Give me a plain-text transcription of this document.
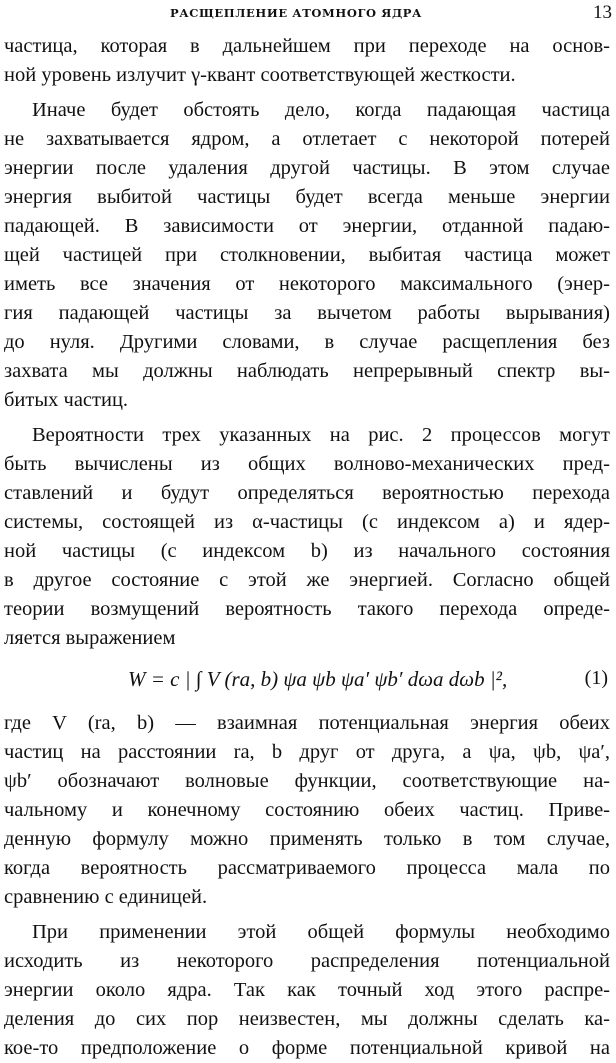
РАСЩЕПЛЕНИЕ АТОМНОГО ЯДРА	13
частица, которая в дальнейшем при переходе на основ-
ной уровень излучит γ-квант соответствующей жесткости.
Иначе будет обстоять дело, когда падающая частица
не захватывается ядром, а отлетает с некоторой потерей
энергии после удаления другой частицы. В этом случае
энергия выбитой частицы будет всегда меньше энергии
падающей. В зависимости от энергии, отданной падаю-
щей частицей при столкновении, выбитая частица может
иметь все значения от некоторого максимального (энер-
гия падающей частицы за вычетом работы вырывания)
до нуля. Другими словами, в случае расщепления без
захвата мы должны наблюдать непрерывный спектр вы-
битых частиц.
Вероятности трех указанных на рис. 2 процессов могут
быть вычислены из общих волново-механических пред-
ставлений и будут определяться вероятностью перехода
системы, состоящей из α-частицы (с индексом a) и ядер-
ной частицы (с индексом b) из начального состояния
в другое состояние с этой же энергией. Согласно общей
теории возмущений вероятность такого перехода опреде-
ляется выражением
W = c | ∫ V (ra, b) ψa ψb ψa′ ψb′ dωa dωb |²,	(1)
где V (ra, b) — взаимная потенциальная энергия обеих
частиц на расстоянии ra, b друг от друга, а ψa, ψb, ψa′,
ψb′ обозначают волновые функции, соответствующие на-
чальному и конечному состоянию обеих частиц. Приве-
денную формулу можно применять только в том случае,
когда вероятность рассматриваемого процесса мала по
сравнению с единицей.
При применении этой общей формулы необходимо
исходить из некоторого распределения потенциальной
энергии около ядра. Так как точный ход этого распре-
деления до сих пор неизвестен, мы должны сделать ка-
кое-то предположение о форме потенциальной кривой на
